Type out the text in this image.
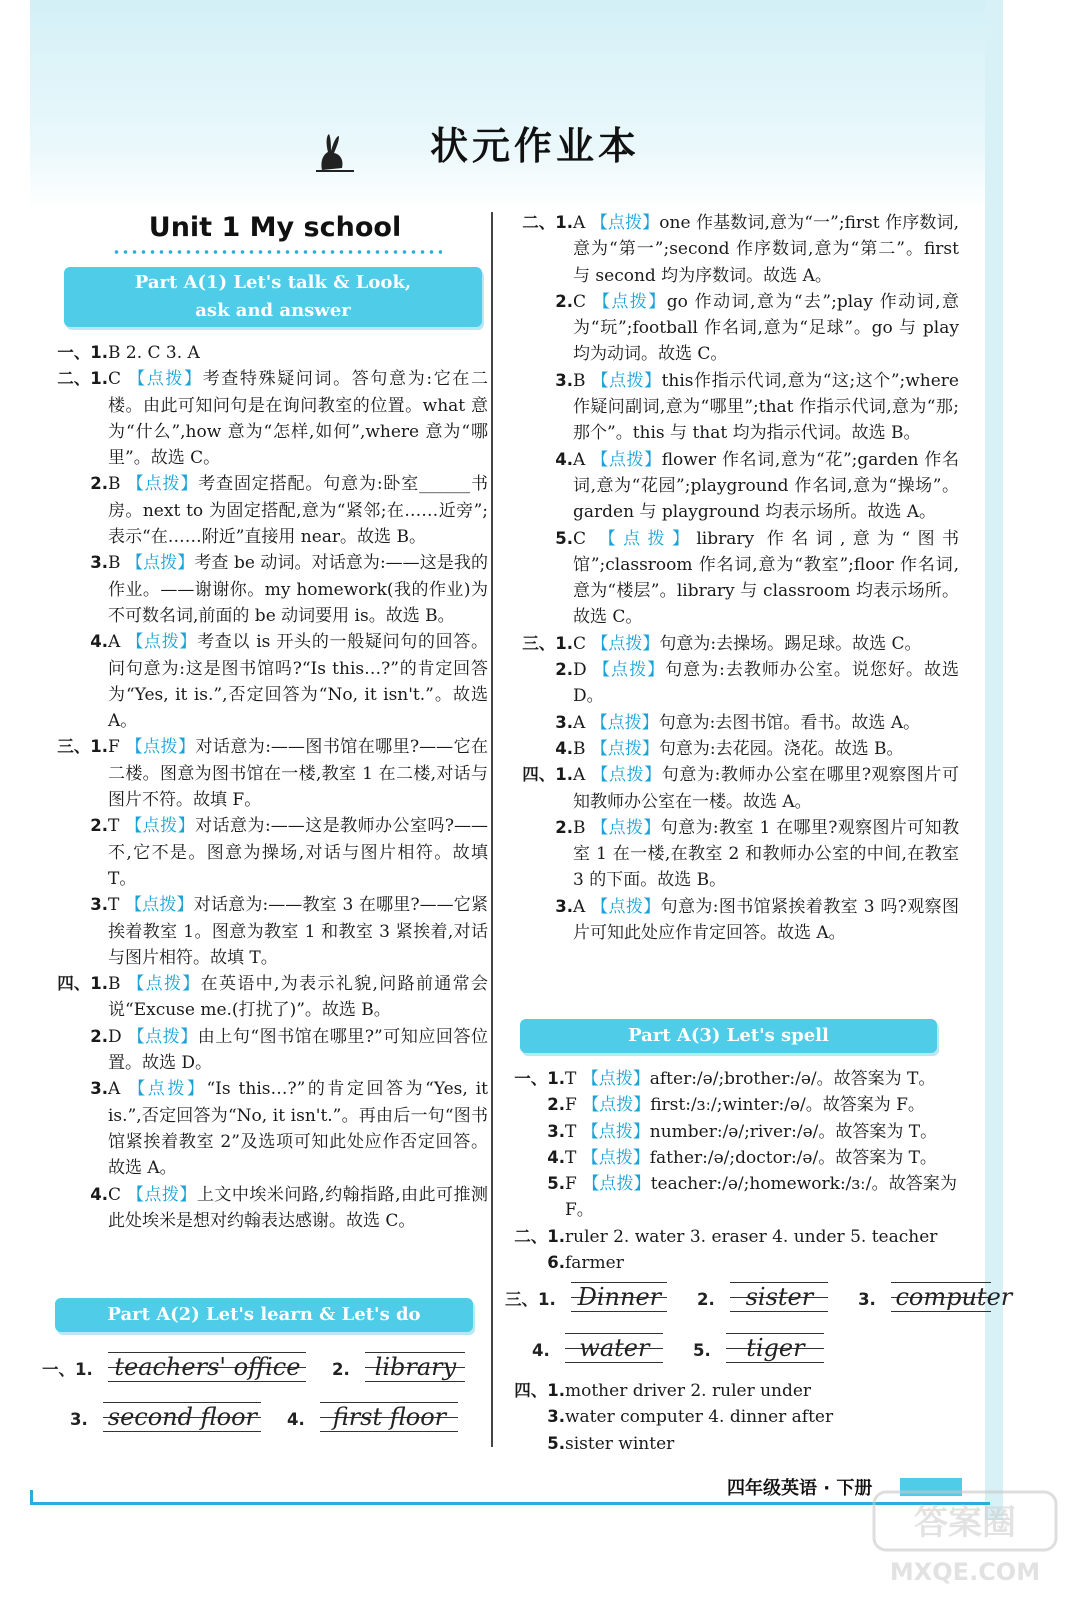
状元作业本
Unit 1 My school
Part A(1) Let's talk & Look,
ask and answer

一、1. B 2. C 3. A

二、1. C 【点拨】考查特殊疑问词。答句意为:它在二楼。由此可知问句是在询问教室的位置。what 意为“什么”,how 意为“怎样,如何”,where 意为“哪里”。故选 C。

2. B 【点拨】考查固定搭配。句意为:卧室______书房。next to 为固定搭配,意为“紧邻;在……近旁”;表示“在……附近”直接用 near。故选 B。

3. B 【点拨】考查 be 动词。对话意为:——这是我的作业。——谢谢你。my homework(我的作业)为不可数名词,前面的 be 动词要用 is。故选 B。

4. A 【点拨】考查以 is 开头的一般疑问句的回答。问句意为:这是图书馆吗?“Is this…?”的肯定回答为“Yes, it is.”,否定回答为“No, it isn't.”。故选 A。

三、1. F 【点拨】对话意为:——图书馆在哪里?——它在二楼。图意为图书馆在一楼,教室 1 在二楼,对话与图片不符。故填 F。

2. T 【点拨】对话意为:——这是教师办公室吗?——不,它不是。图意为操场,对话与图片相符。故填 T。

3. T 【点拨】对话意为:——教室 3 在哪里?——它紧挨着教室 1。图意为教室 1 和教室 3 紧挨着,对话与图片相符。故填 T。

四、1. B 【点拨】在英语中,为表示礼貌,问路前通常会说“Excuse me.(打扰了)”。故选 B。

2. D 【点拨】由上句“图书馆在哪里?”可知应回答位置。故选 D。

3. A 【点拨】“Is this…?”的肯定回答为“Yes, it is.”,否定回答为“No, it isn't.”。再由后一句“图书馆紧挨着教室 2”及选项可知此处应作否定回答。故选 A。

4. C 【点拨】上文中埃米问路,约翰指路,由此可推测此处埃米是想对约翰表达感谢。故选 C。

Part A(2) Let's learn & Let's do
一、1. teachers' office 2. library
3. second floor 4. first floor

二、1. A 【点拨】one 作基数词,意为“一”;first 作序数词,意为“第一”;second 作序数词,意为“第二”。first 与 second 均为序数词。故选 A。

2. C 【点拨】go 作动词,意为“去”;play 作动词,意为“玩”;football 作名词,意为“足球”。go 与 play 均为动词。故选 C。

3. B 【点拨】this作指示代词,意为“这;这个”;where 作疑问副词,意为“哪里”;that 作指示代词,意为“那;那个”。this 与 that 均为指示代词。故选 B。

4. A 【点拨】flower 作名词,意为“花”;garden 作名词,意为“花园”;playground 作名词,意为“操场”。garden 与 playground 均表示场所。故选 A。

5. C 【点拨】library 作名词,意为“图书馆”;classroom 作名词,意为“教室”;floor 作名词,意为“楼层”。library 与 classroom 均表示场所。故选 C。

三、1. C 【点拨】句意为:去操场。踢足球。故选 C。

2. D 【点拨】句意为:去教师办公室。说您好。故选 D。

3. A 【点拨】句意为:去图书馆。看书。故选 A。

4. B 【点拨】句意为:去花园。浇花。故选 B。

四、1. A 【点拨】句意为:教师办公室在哪里?观察图片可知教师办公室在一楼。故选 A。

2. B 【点拨】句意为:教室 1 在哪里?观察图片可知教室 1 在一楼,在教室 2 和教师办公室的中间,在教室 3 的下面。故选 B。

3. A 【点拨】句意为:图书馆紧挨着教室 3 吗?观察图片可知此处应作肯定回答。故选 A。

Part A(3) Let's spell

一、1. T 【点拨】after:/ə/;brother:/ə/。故答案为 T。

2. F 【点拨】first:/ɜː/;winter:/ə/。故答案为 F。

3. T 【点拨】number:/ə/;river:/ə/。故答案为 T。

4. T 【点拨】father:/ə/;doctor:/ə/。故答案为 T。

5. F 【点拨】teacher:/ə/;homework:/ɜː/。故答案为 F。

二、1. ruler 2. water 3. eraser 4. under 5. teacher

6. farmer

三、1. Dinner 2. sister	3. computer
4. water	5. tiger

四、1. mother driver 2. ruler under

3. water computer 4. dinner after

5. sister winter

四年级英语 · 下册
答案圈
MXQE.COM
